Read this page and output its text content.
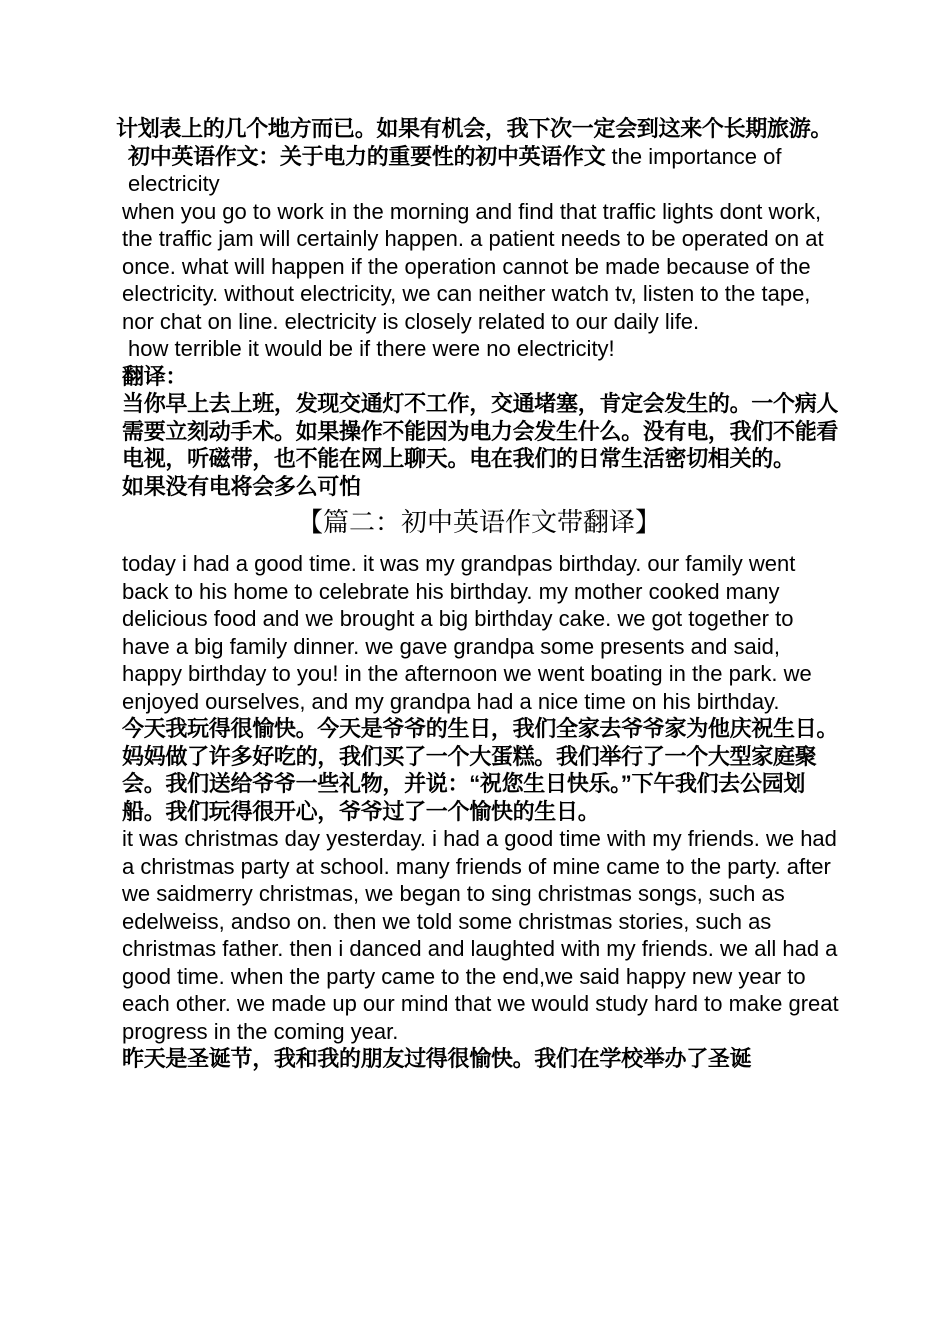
计划表上的几个地方而已。如果有机会，我下次一定会到这来个长期旅游。

初中英语作文：关于电力的重要性的初中英语作文 the importance of electricity

when you go to work in the morning and find that traffic lights dont work, the traffic jam will certainly happen. a patient needs to be operated on at once. what will happen if the operation cannot be made because of the electricity. without electricity, we can neither watch tv, listen to the tape, nor chat on line. electricity is closely related to our daily life.

how terrible it would be if there were no electricity!

翻译：

当你早上去上班，发现交通灯不工作，交通堵塞，肯定会发生的。一个病人需要立刻动手术。如果操作不能因为电力会发生什么。没有电，我们不能看电视，听磁带，也不能在网上聊天。电在我们的日常生活密切相关的。

如果没有电将会多么可怕

【篇二：初中英语作文带翻译】

today i had a good time. it was my grandpas birthday. our family went back to his home to celebrate his birthday. my mother cooked many delicious food and we brought a big birthday cake. we got together to have a big family dinner. we gave grandpa some presents and said, happy birthday to you! in the afternoon we went boating in the park. we enjoyed ourselves, and my grandpa had a nice time on his birthday.

今天我玩得很愉快。今天是爷爷的生日，我们全家去爷爷家为他庆祝生日。妈妈做了许多好吃的，我们买了一个大蛋糕。我们举行了一个大型家庭聚会。我们送给爷爷一些礼物，并说：“祝您生日快乐。”下午我们去公园划船。我们玩得很开心，爷爷过了一个愉快的生日。

it was christmas day yesterday. i had a good time with my friends. we had a christmas party at school. many friends of mine came to the party. after we saidmerry christmas, we began to sing christmas songs, such as edelweiss, andso on. then we told some christmas stories, such as christmas father. then i danced and laughted with my friends. we all had a good time. when the party came to the end,we said happy new year to each other. we made up our mind that we would study hard to make great progress in the coming year.

昨天是圣诞节，我和我的朋友过得很愉快。我们在学校举办了圣诞
